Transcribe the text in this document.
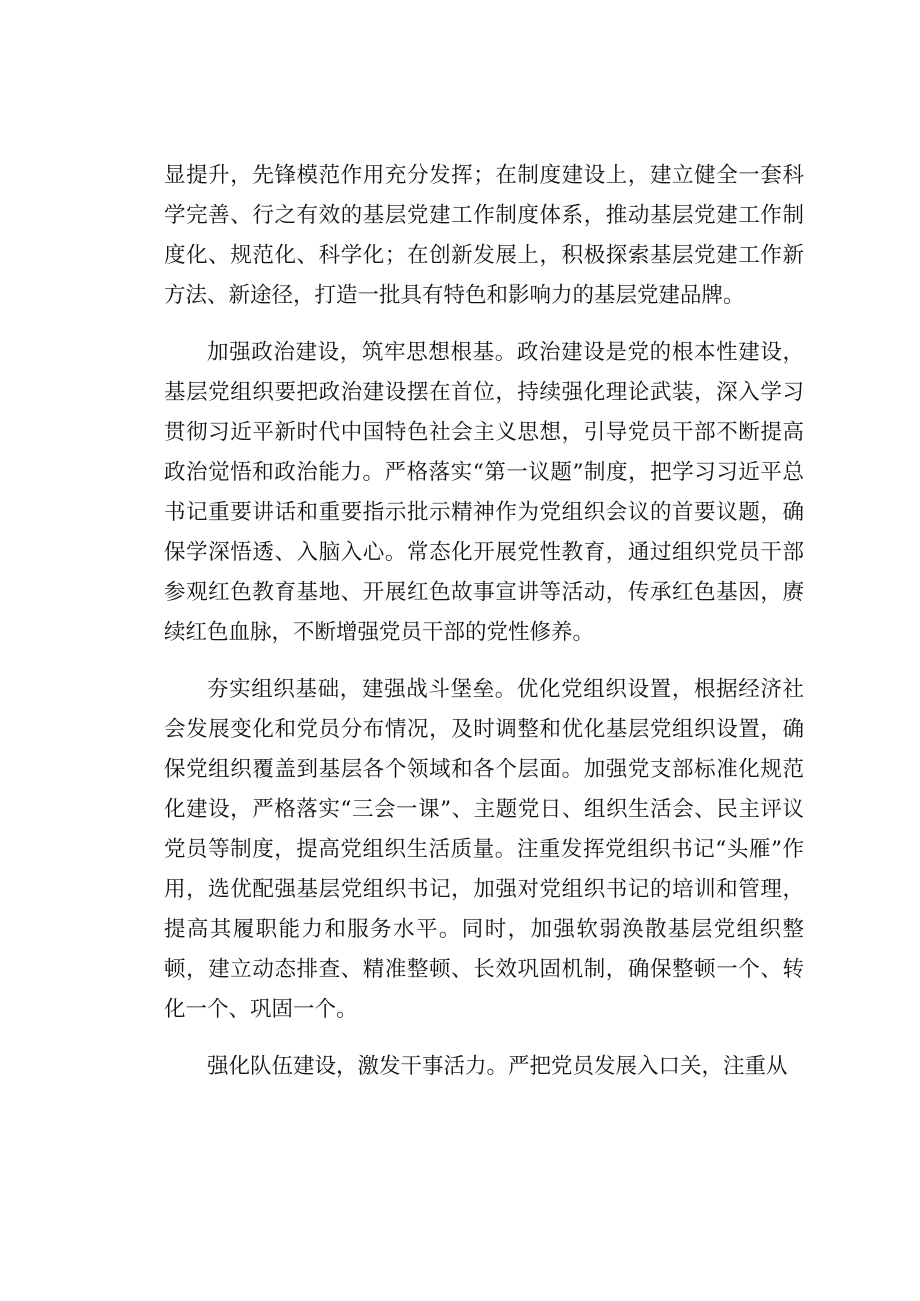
显提升，先锋模范作用充分发挥；在制度建设上，建立健全一套科学完善、行之有效的基层党建工作制度体系，推动基层党建工作制度化、规范化、科学化；在创新发展上，积极探索基层党建工作新方法、新途径，打造一批具有特色和影响力的基层党建品牌。

加强政治建设，筑牢思想根基。政治建设是党的根本性建设，基层党组织要把政治建设摆在首位，持续强化理论武装，深入学习贯彻习近平新时代中国特色社会主义思想，引导党员干部不断提高政治觉悟和政治能力。严格落实“第一议题”制度，把学习习近平总书记重要讲话和重要指示批示精神作为党组织会议的首要议题，确保学深悟透、入脑入心。常态化开展党性教育，通过组织党员干部参观红色教育基地、开展红色故事宣讲等活动，传承红色基因，赓续红色血脉，不断增强党员干部的党性修养。

夯实组织基础，建强战斗堡垒。优化党组织设置，根据经济社会发展变化和党员分布情况，及时调整和优化基层党组织设置，确保党组织覆盖到基层各个领域和各个层面。加强党支部标准化规范化建设，严格落实“三会一课”、主题党日、组织生活会、民主评议党员等制度，提高党组织生活质量。注重发挥党组织书记“头雁”作用，选优配强基层党组织书记，加强对党组织书记的培训和管理，提高其履职能力和服务水平。同时，加强软弱涣散基层党组织整顿，建立动态排查、精准整顿、长效巩固机制，确保整顿一个、转化一个、巩固一个。

强化队伍建设，激发干事活力。严把党员发展入口关，注重从
